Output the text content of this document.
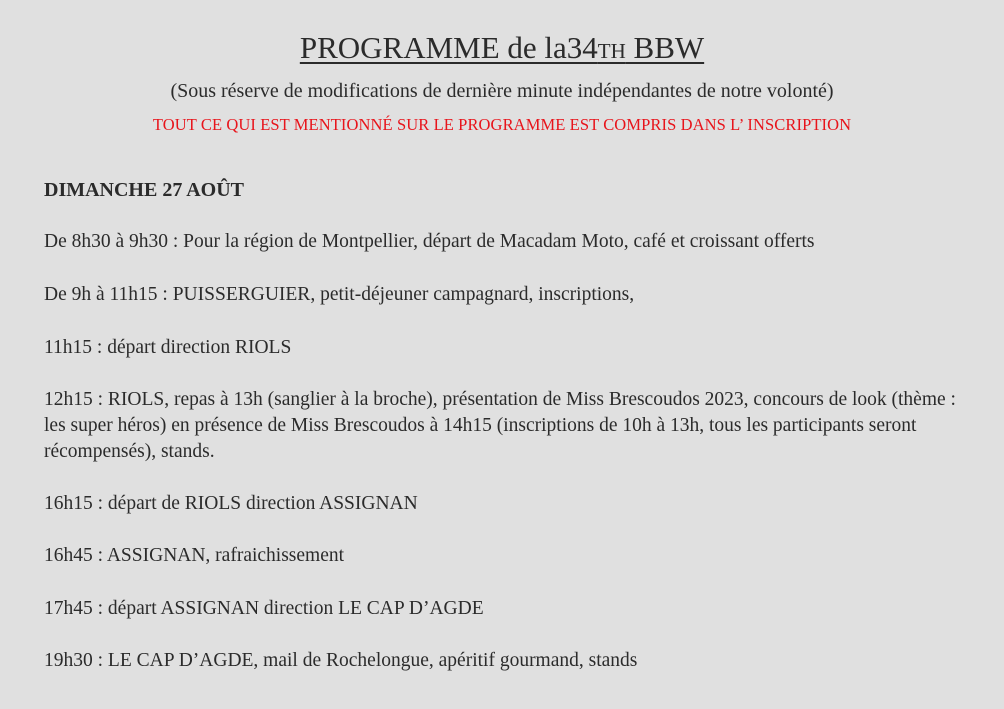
PROGRAMME de la34TH BBW
(Sous réserve de modifications de dernière minute indépendantes de notre volonté)
TOUT CE QUI EST MENTIONNÉ SUR LE PROGRAMME EST COMPRIS DANS L’ INSCRIPTION
DIMANCHE 27 AOÛT
De 8h30 à 9h30 : Pour la région de Montpellier, départ de Macadam Moto, café et croissant offerts
De 9h à 11h15 : PUISSERGUIER, petit-déjeuner campagnard, inscriptions,
11h15 : départ direction RIOLS
12h15 : RIOLS, repas à 13h (sanglier à la broche), présentation de Miss Brescoudos 2023, concours de look (thème : les super héros) en présence de Miss Brescoudos à 14h15 (inscriptions de 10h à 13h, tous les participants seront récompensés), stands.
16h15 : départ de RIOLS direction ASSIGNAN
16h45 : ASSIGNAN, rafraichissement
17h45 : départ ASSIGNAN direction LE CAP D’AGDE
19h30 : LE CAP D’AGDE, mail de Rochelongue, apéritif gourmand, stands
